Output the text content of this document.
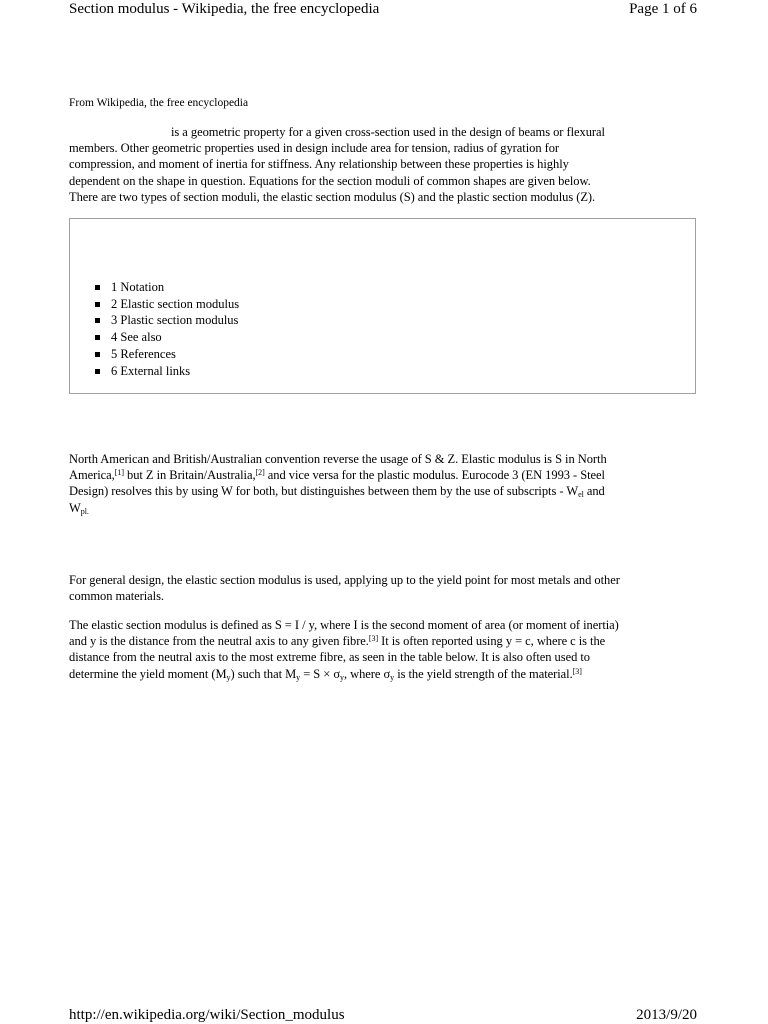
Section modulus - Wikipedia, the free encyclopedia	Page 1 of 6
From Wikipedia, the free encyclopedia
is a geometric property for a given cross-section used in the design of beams or flexural
members. Other geometric properties used in design include area for tension, radius of gyration for
compression, and moment of inertia for stiffness. Any relationship between these properties is highly
dependent on the shape in question. Equations for the section moduli of common shapes are given below.
There are two types of section moduli, the elastic section modulus (S) and the plastic section modulus (Z).
1 Notation
2 Elastic section modulus
3 Plastic section modulus
4 See also
5 References
6 External links
North American and British/Australian convention reverse the usage of S & Z. Elastic modulus is S in North
America,[1] but Z in Britain/Australia,[2] and vice versa for the plastic modulus. Eurocode 3 (EN 1993 - Steel
Design) resolves this by using W for both, but distinguishes between them by the use of subscripts - $W_{el}$ and
$W_{pl.}$
For general design, the elastic section modulus is used, applying up to the yield point for most metals and other
common materials.
The elastic section modulus is defined as S = I / y, where I is the second moment of area (or moment of inertia)
and y is the distance from the neutral axis to any given fibre.[3] It is often reported using y = c, where c is the
distance from the neutral axis to the most extreme fibre, as seen in the table below. It is also often used to
determine the yield moment $(M_y)$ such that $M_y = S \times \sigma_y$, where $\sigma_y$ is the yield strength of the material.[3]
http://en.wikipedia.org/wiki/Section_modulus	2013/9/20
